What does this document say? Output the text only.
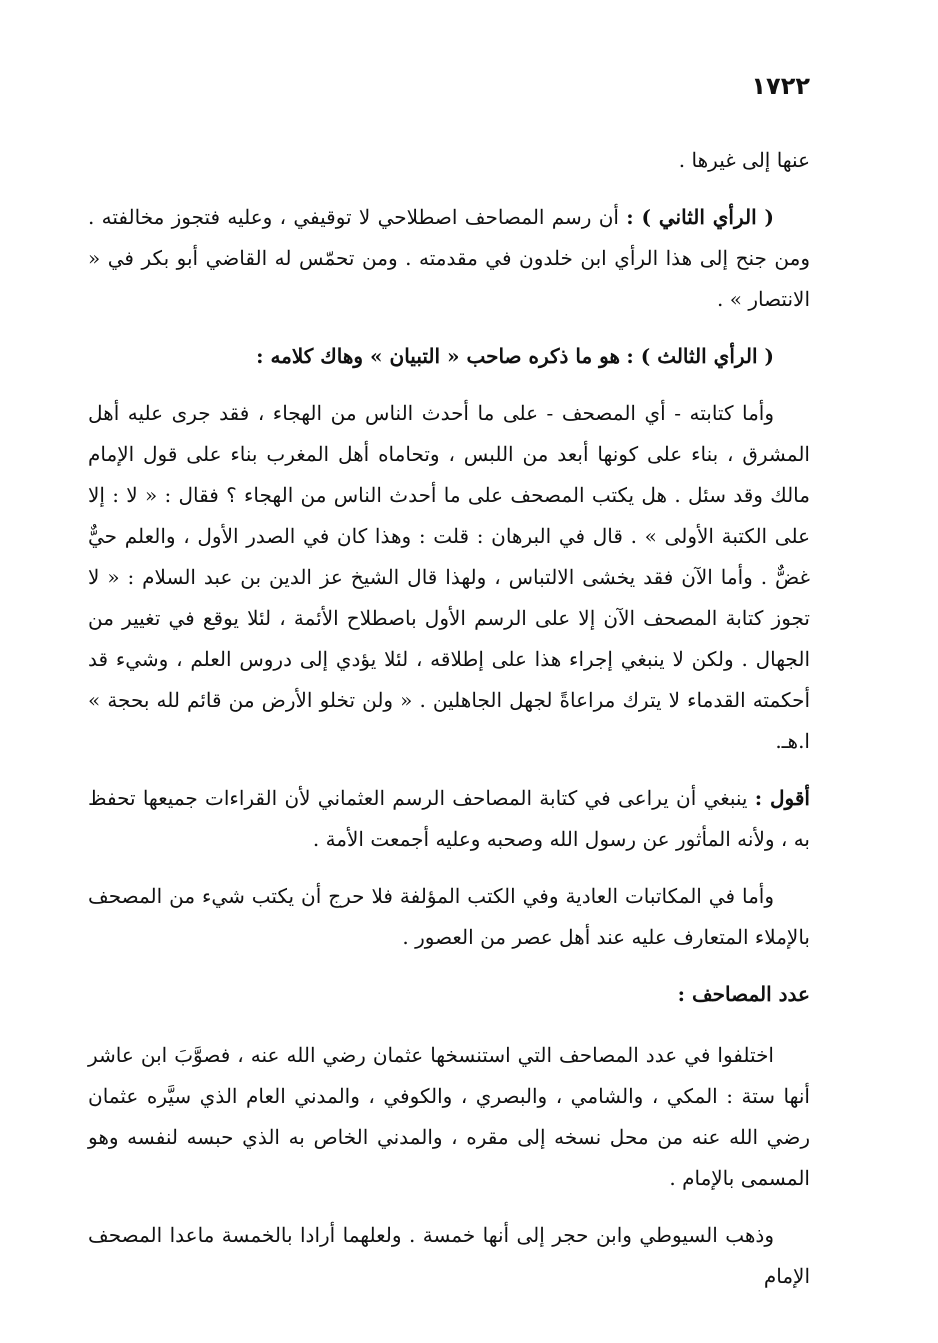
١٧٢٢

عنها إلى غيرها .

( الرأي الثاني ) : أن رسم المصاحف اصطلاحي لا توقيفي ، وعليه فتجوز مخالفته . ومن جنح إلى هذا الرأي ابن خلدون في مقدمته . ومن تحمّس له القاضي أبو بكر في « الانتصار » .

( الرأي الثالث ) : هو ما ذكره صاحب « التبيان » وهاك كلامه :

وأما كتابته - أي المصحف - على ما أحدث الناس من الهجاء ، فقد جرى عليه أهل المشرق ، بناء على كونها أبعد من اللبس ، وتحاماه أهل المغرب بناء على قول الإمام مالك وقد سئل . هل يكتب المصحف على ما أحدث الناس من الهجاء ؟ فقال : « لا : إلا على الكتبة الأولى » . قال في البرهان : قلت : وهذا كان في الصدر الأول ، والعلم حيٌّ غضٌّ . وأما الآن فقد يخشى الالتباس ، ولهذا قال الشيخ عز الدين بن عبد السلام : « لا تجوز كتابة المصحف الآن إلا على الرسم الأول باصطلاح الأئمة ، لئلا يوقع في تغيير من الجهال . ولكن لا ينبغي إجراء هذا على إطلاقه ، لئلا يؤدي إلى دروس العلم ، وشيء قد أحكمته القدماء لا يترك مراعاةً لجهل الجاهلين . « ولن تخلو الأرض من قائم لله بحجة » ا.هـ.

أقول : ينبغي أن يراعى في كتابة المصاحف الرسم العثماني لأن القراءات جميعها تحفظ به ، ولأنه المأثور عن رسول الله وصحبه وعليه أجمعت الأمة .

وأما في المكاتبات العادية وفي الكتب المؤلفة فلا حرج أن يكتب شيء من المصحف بالإملاء المتعارف عليه عند أهل عصر من العصور .

عدد المصاحف :

اختلفوا في عدد المصاحف التي استنسخها عثمان رضي الله عنه ، فصوَّبَ ابن عاشر أنها ستة : المكي ، والشامي ، والبصري ، والكوفي ، والمدني العام الذي سيَّره عثمان رضي الله عنه من محل نسخه إلى مقره ، والمدني الخاص به الذي حبسه لنفسه وهو المسمى بالإمام .

وذهب السيوطي وابن حجر إلى أنها خمسة . ولعلهما أرادا بالخمسة ماعدا المصحف الإمام
